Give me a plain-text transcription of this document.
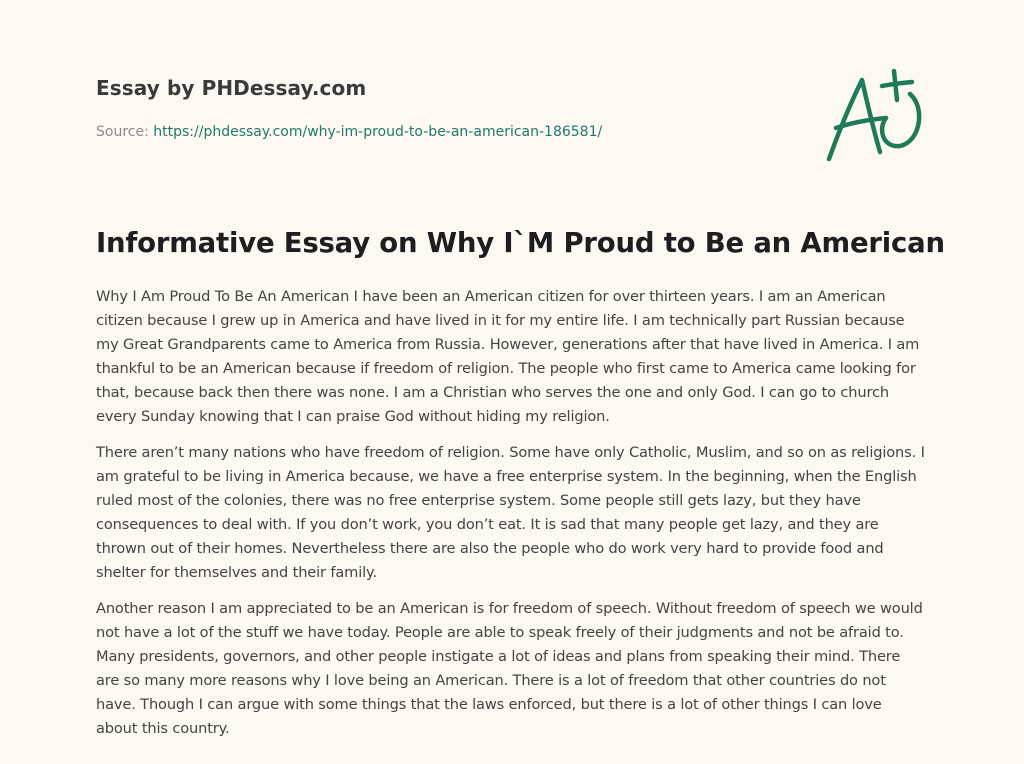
Essay by PHDessay.com

Source: https://phdessay.com/why-im-proud-to-be-an-american-186581/
Informative Essay on Why I`M Proud to Be an American

Why I Am Proud To Be An American I have been an American citizen for over thirteen years. I am an American citizen because I grew up in America and have lived in it for my entire life. I am technically part Russian because my Great Grandparents came to America from Russia. However, generations after that have lived in America. I am thankful to be an American because if freedom of religion. The people who first came to America came looking for that, because back then there was none. I am a Christian who serves the one and only God. I can go to church every Sunday knowing that I can praise God without hiding my religion.

There aren’t many nations who have freedom of religion. Some have only Catholic, Muslim, and so on as religions. I am grateful to be living in America because, we have a free enterprise system. In the beginning, when the English ruled most of the colonies, there was no free enterprise system. Some people still gets lazy, but they have consequences to deal with. If you don’t work, you don’t eat. It is sad that many people get lazy, and they are thrown out of their homes. Nevertheless there are also the people who do work very hard to provide food and shelter for themselves and their family.

Another reason I am appreciated to be an American is for freedom of speech. Without freedom of speech we would not have a lot of the stuff we have today. People are able to speak freely of their judgments and not be afraid to. Many presidents, governors, and other people instigate a lot of ideas and plans from speaking their mind. There are so many more reasons why I love being an American. There is a lot of freedom that other countries do not have. Though I can argue with some things that the laws enforced, but there is a lot of other things I can love about this country.
